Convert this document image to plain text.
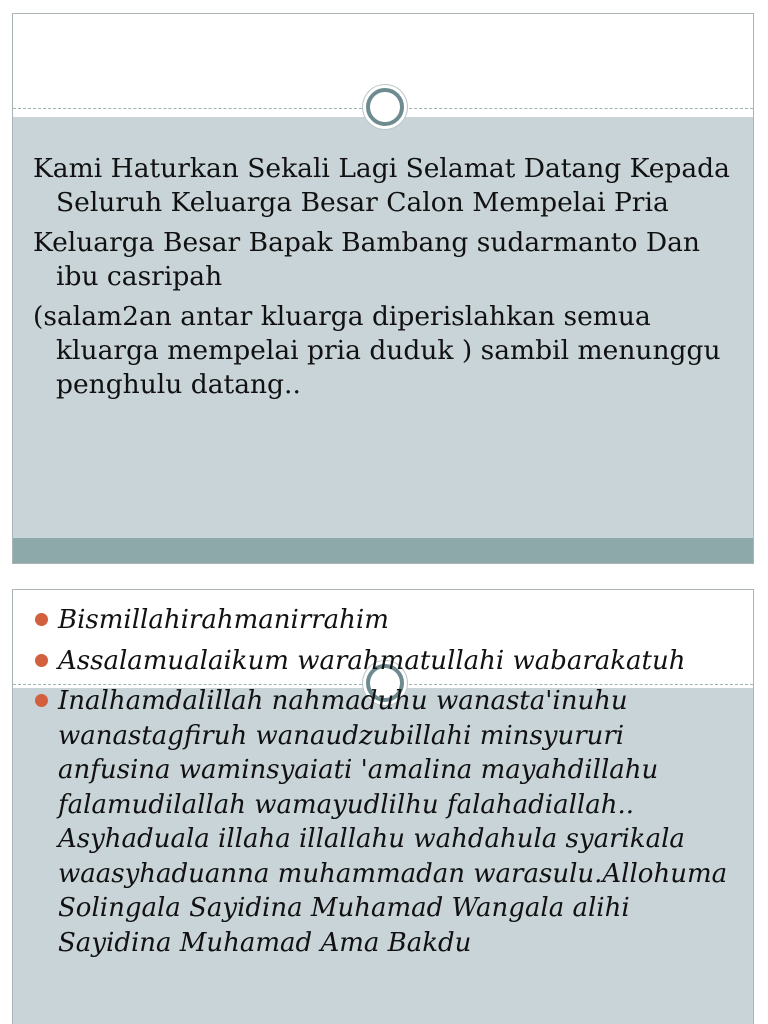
Kami Haturkan Sekali Lagi Selamat Datang Kepada Seluruh Keluarga Besar Calon Mempelai Pria

Keluarga Besar Bapak Bambang sudarmanto Dan ibu casripah

(salam2an antar kluarga diperislahkan semua kluarga mempelai pria duduk ) sambil menunggu penghulu datang..

Bismillahirahmanirrahim
Assalamualaikum warahmatullahi wabarakatuh
Inalhamdalillah nahmaduhu wanasta'inuhu wanastagfiruh wanaudzubillahi minsyururi anfusina waminsyaiati 'amalina mayahdillahu falamudilallah wamayudlilhu falahadiallah.. Asyhaduala illaha illallahu wahdahula syarikala waasyhaduanna muhammadan warasulu.Allohuma Solingala Sayidina Muhamad Wangala alihi Sayidina Muhamad Ama Bakdu
